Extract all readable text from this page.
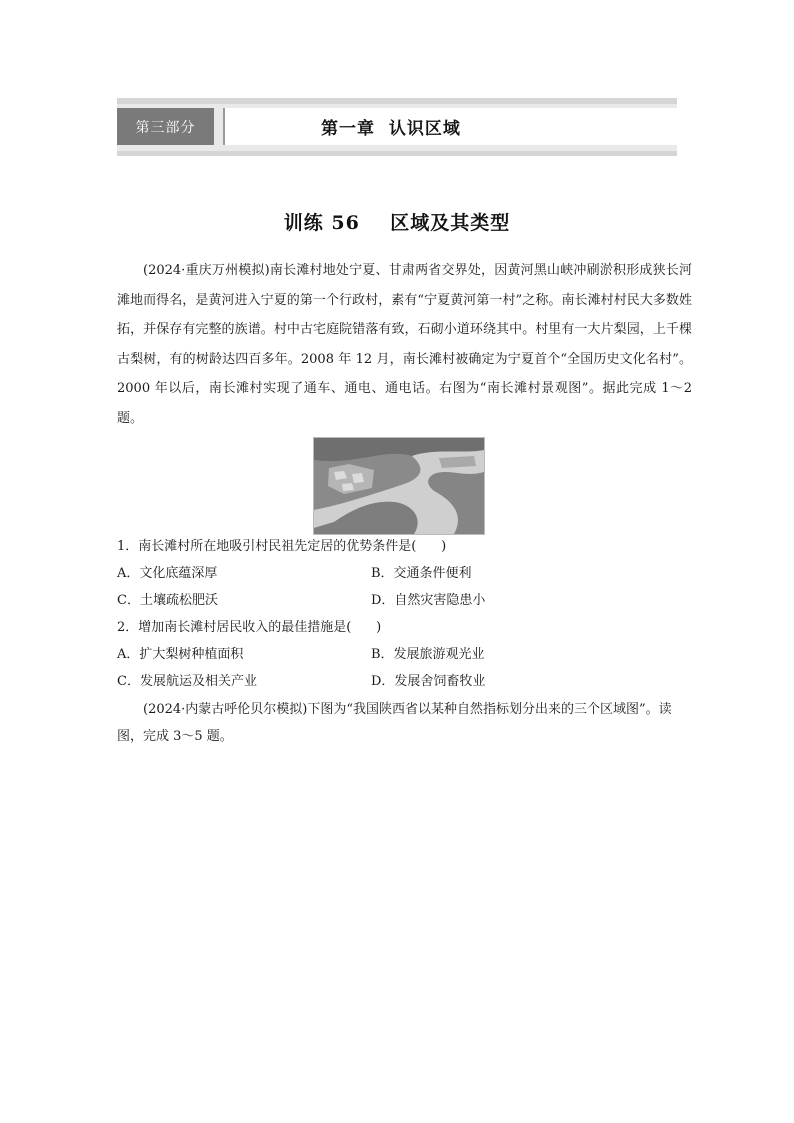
第三部分	第一章  认识区域
训练 56    区域及其类型

(2024·重庆万州模拟)南长滩村地处宁夏、甘肃两省交界处，因黄河黑山峡冲刷淤积形成狭长河滩地而得名，是黄河进入宁夏的第一个行政村，素有“宁夏黄河第一村”之称。南长滩村村民大多数姓拓，并保存有完整的族谱。村中古宅庭院错落有致，石砌小道环绕其中。村里有一大片梨园，上千棵古梨树，有的树龄达四百多年。2008 年 12 月，南长滩村被确定为宁夏首个“全国历史文化名村”。2000 年以后，南长滩村实现了通车、通电、通电话。右图为“南长滩村景观图”。据此完成 1～2 题。

1．南长滩村所在地吸引村民祖先定居的优势条件是(      )

A．文化底蕴深厚	B．交通条件便利
C．土壤疏松肥沃	D．自然灾害隐患小

2．增加南长滩村居民收入的最佳措施是(      )

A．扩大梨树种植面积	B．发展旅游观光业
C．发展航运及相关产业	D．发展舍饲畜牧业

(2024·内蒙古呼伦贝尔模拟)下图为“我国陕西省以某种自然指标划分出来的三个区域图”。读图，完成 3～5 题。
